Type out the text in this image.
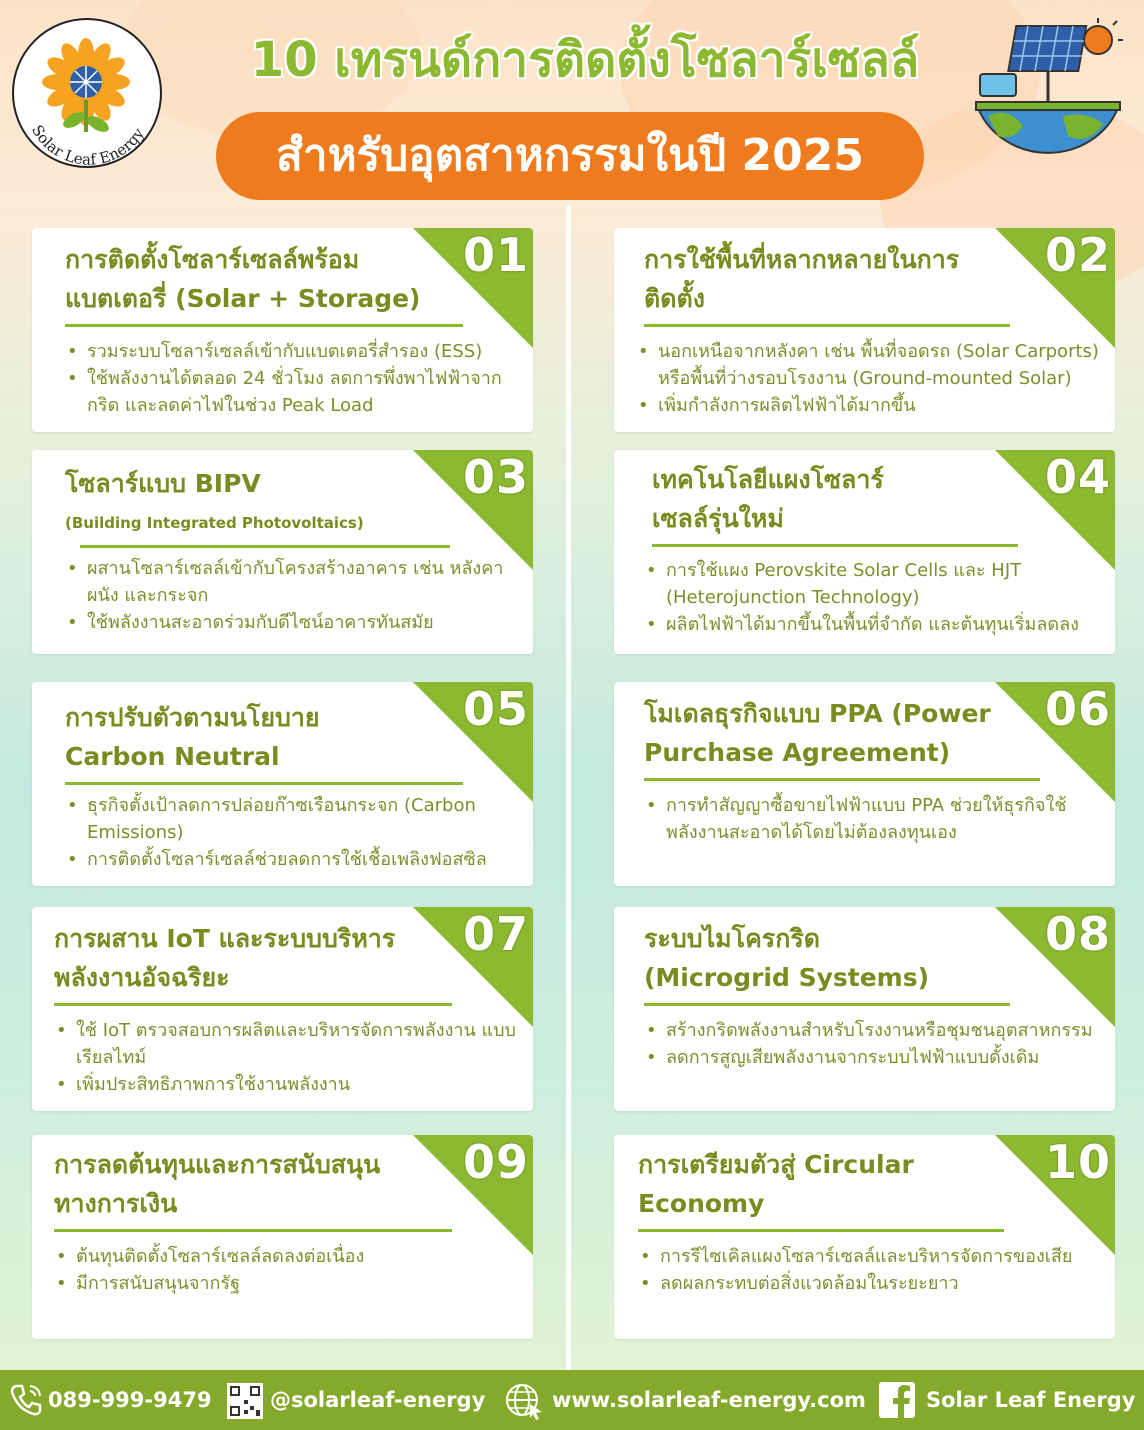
Solar Leaf Energy
10 เทรนด์การติดตั้งโซลาร์เซลล์
สำหรับอุตสาหกรรมในปี 2025
01
การติดตั้งโซลาร์เซลล์พร้อม แบตเตอรี่ (Solar + Storage)
• รวมระบบโซลาร์เซลล์เข้ากับแบตเตอรี่สำรอง (ESS)
• ใช้พลังงานได้ตลอด 24 ชั่วโมง ลดการพึ่งพาไฟฟ้าจาก กริด และลดค่าไฟในช่วง Peak Load
02
การใช้พื้นที่หลากหลายในการ ติดตั้ง
• นอกเหนือจากหลังคา เช่น พื้นที่จอดรถ (Solar Carports) หรือพื้นที่ว่างรอบโรงงาน (Ground-mounted Solar)
• เพิ่มกำลังการผลิตไฟฟ้าได้มากขึ้น
03
โซลาร์แบบ BIPV
(Building Integrated Photovoltaics)
• ผสานโซลาร์เซลล์เข้ากับโครงสร้างอาคาร เช่น หลังคา ผนัง และกระจก
• ใช้พลังงานสะอาดร่วมกับดีไซน์อาคารทันสมัย
04
เทคโนโลยีแผงโซลาร์ เซลล์รุ่นใหม่
• การใช้แผง Perovskite Solar Cells และ HJT (Heterojunction Technology)
• ผลิตไฟฟ้าได้มากขึ้นในพื้นที่จำกัด และต้นทุนเริ่มลดลง
05
การปรับตัวตามนโยบาย Carbon Neutral
• ธุรกิจตั้งเป้าลดการปล่อยก๊าซเรือนกระจก (Carbon Emissions)
• การติดตั้งโซลาร์เซลล์ช่วยลดการใช้เชื้อเพลิงฟอสซิล
06
โมเดลธุรกิจแบบ PPA (Power Purchase Agreement)
• การทำสัญญาซื้อขายไฟฟ้าแบบ PPA ช่วยให้ธุรกิจใช้ พลังงานสะอาดได้โดยไม่ต้องลงทุนเอง
07
การผสาน IoT และระบบบริหาร พลังงานอัจฉริยะ
• ใช้ IoT ตรวจสอบการผลิตและบริหารจัดการพลังงาน แบบเรียลไทม์
• เพิ่มประสิทธิภาพการใช้งานพลังงาน
08
ระบบไมโครกริด (Microgrid Systems)
• สร้างกริดพลังงานสำหรับโรงงานหรือชุมชนอุตสาหกรรม
• ลดการสูญเสียพลังงานจากระบบไฟฟ้าแบบดั้งเดิม
09
การลดต้นทุนและการสนับสนุน ทางการเงิน
• ต้นทุนติดตั้งโซลาร์เซลล์ลดลงต่อเนื่อง
• มีการสนับสนุนจากรัฐ
10
การเตรียมตัวสู่ Circular Economy
• การรีไซเคิลแผงโซลาร์เซลล์และบริหารจัดการของเสีย
• ลดผลกระทบต่อสิ่งแวดล้อมในระยะยาว
089-999-9479	@solarleaf-energy	www.solarleaf-energy.com	Solar Leaf Energy
